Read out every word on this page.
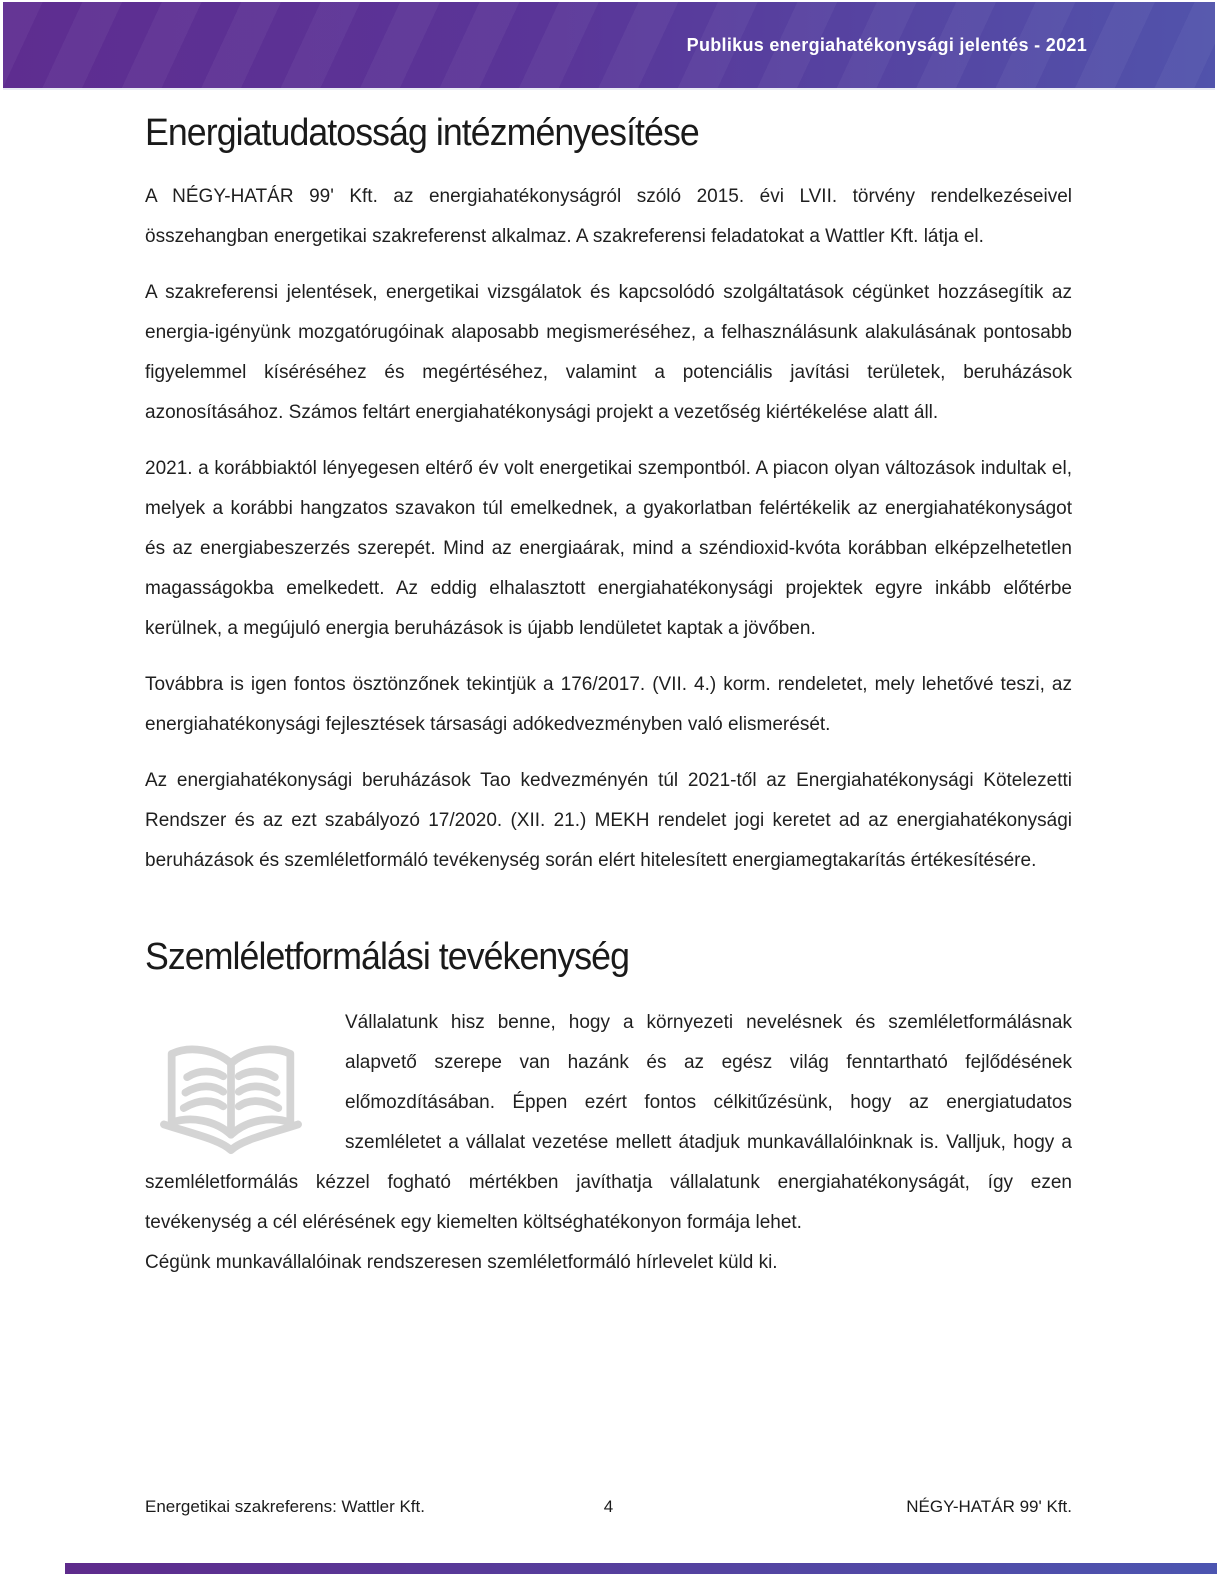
Publikus energiahatékonysági jelentés - 2021
Energiatudatosság intézményesítése

A NÉGY-HATÁR 99' Kft. az energiahatékonyságról szóló 2015. évi LVII. törvény rendelkezéseivel összehangban energetikai szakreferenst alkalmaz. A szakreferensi feladatokat a Wattler Kft. látja el.

A szakreferensi jelentések, energetikai vizsgálatok és kapcsolódó szolgáltatások cégünket hozzásegítik az energia-igényünk mozgatórugóinak alaposabb megismeréséhez, a felhasználásunk alakulásának pontosabb figyelemmel kíséréséhez és megértéséhez, valamint a potenciális javítási területek, beruházások azonosításához. Számos feltárt energiahatékonysági projekt a vezetőség kiértékelése alatt áll.

2021. a korábbiaktól lényegesen eltérő év volt energetikai szempontból. A piacon olyan változások indultak el, melyek a korábbi hangzatos szavakon túl emelkednek, a gyakorlatban felértékelik az energiahatékonyságot és az energiabeszerzés szerepét. Mind az energiaárak, mind a széndioxid-kvóta korábban elképzelhetetlen magasságokba emelkedett. Az eddig elhalasztott energiahatékonysági projektek egyre inkább előtérbe kerülnek, a megújuló energia beruházások is újabb lendületet kaptak a jövőben.

Továbbra is igen fontos ösztönzőnek tekintjük a 176/2017. (VII. 4.) korm. rendeletet, mely lehetővé teszi, az energiahatékonysági fejlesztések társasági adókedvezményben való elismerését.

Az energiahatékonysági beruházások Tao kedvezményén túl 2021-től az Energiahatékonysági Kötelezetti Rendszer és az ezt szabályozó 17/2020. (XII. 21.) MEKH rendelet jogi keretet ad az energiahatékonysági beruházások és szemléletformáló tevékenység során elért hitelesített energiamegtakarítás értékesítésére.

Szemléletformálási tevékenység

Vállalatunk hisz benne, hogy a környezeti nevelésnek és szemléletformálásnak alapvető szerepe van hazánk és az egész világ fenntartható fejlődésének előmozdításában. Éppen ezért fontos célkitűzésünk, hogy az energiatudatos szemléletet a vállalat vezetése mellett átadjuk munkavállalóinknak is. Valljuk, hogy a szemléletformálás kézzel fogható mértékben javíthatja vállalatunk energiahatékonyságát, így ezen tevékenység a cél elérésének egy kiemelten költséghatékonyon formája lehet.

Cégünk munkavállalóinak rendszeresen szemléletformáló hírlevelet küld ki.

Energetikai szakreferens: Wattler Kft.	4	NÉGY-HATÁR 99' Kft.
